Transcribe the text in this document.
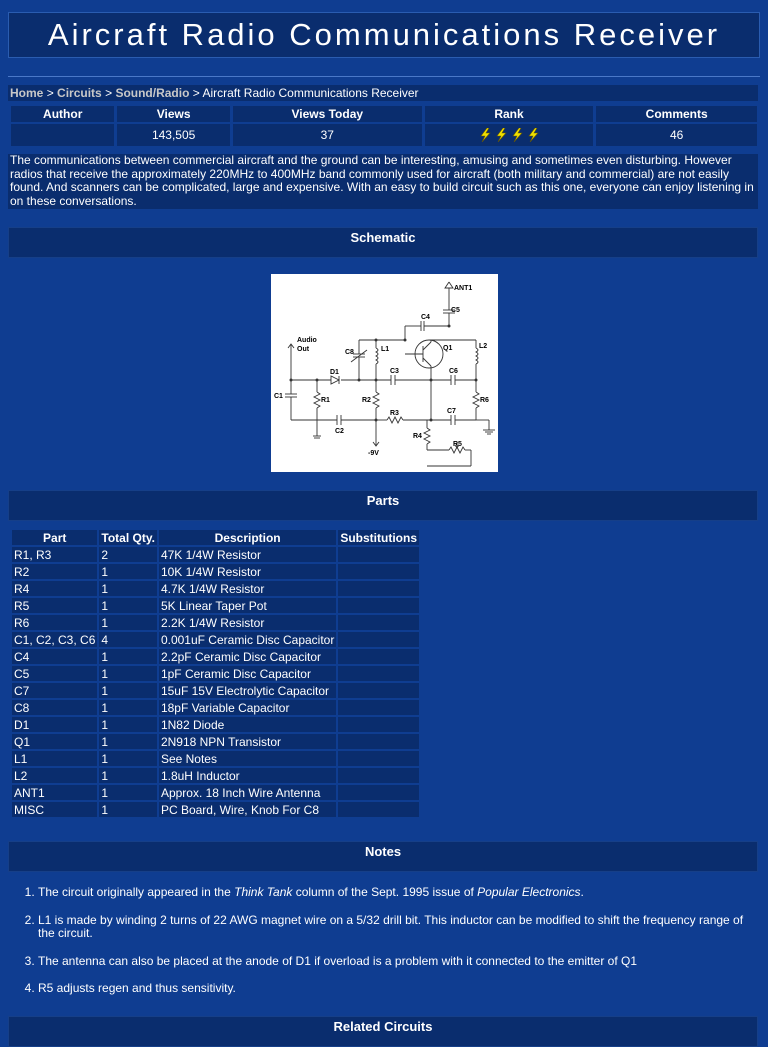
Aircraft Radio Communications Receiver
Home > Circuits > Sound/Radio > Aircraft Radio Communications Receiver
Author	Views	Views Today	Rank	Comments
	143,505	37		46
The communications between commercial aircraft and the ground can be interesting, amusing and sometimes even disturbing. However radios that receive the approximately 220MHz to 400MHz band commonly used for aircraft (both military and commercial) are not easily found. And scanners can be complicated, large and expensive. With an easy to build circuit such as this one, everyone can enjoy listening in on these conversations.
Schematic
ANT1
C5
C4
Audio
Out	C8	L1	Q1	L2
D1	C3	C6
C1
R1	R2
R3	C7
R6
C2
R4
R5
-9V
Parts
Part	Total Qty.	Description	Substitutions
R1, R3	2	47K 1/4W Resistor	
R2	1	10K 1/4W Resistor	
R4	1	4.7K 1/4W Resistor	
R5	1	5K Linear Taper Pot	
R6	1	2.2K 1/4W Resistor	
C1, C2, C3, C6	4	0.001uF Ceramic Disc Capacitor	
C4	1	2.2pF Ceramic Disc Capacitor	
C5	1	1pF Ceramic Disc Capacitor	
C7	1	15uF 15V Electrolytic Capacitor	
C8	1	18pF Variable Capacitor	
D1	1	1N82 Diode	
Q1	1	2N918 NPN Transistor	
L1	1	See Notes	
L2	1	1.8uH Inductor	
ANT1	1	Approx. 18 Inch Wire Antenna	
MISC	1	PC Board, Wire, Knob For C8	
Notes
1. The circuit originally appeared in the Think Tank column of the Sept. 1995 issue of Popular Electronics.
2. L1 is made by winding 2 turns of 22 AWG magnet wire on a 5/32 drill bit. This inductor can be modified to shift the frequency range of the circuit.
3. The antenna can also be placed at the anode of D1 if overload is a problem with it connected to the emitter of Q1
4. R5 adjusts regen and thus sensitivity.
Related Circuits
